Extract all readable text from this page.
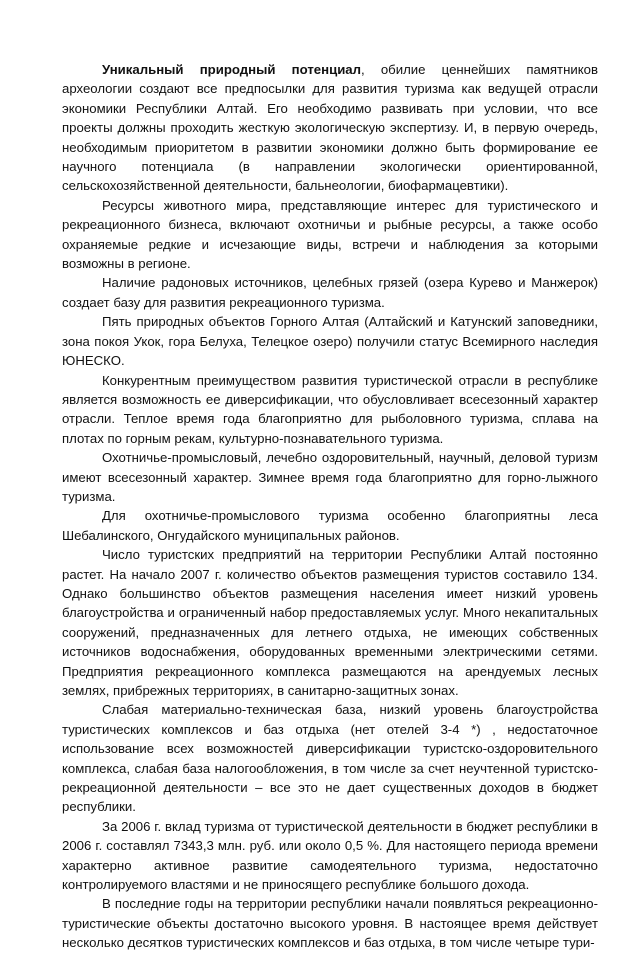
Уникальный природный потенциал, обилие ценнейших памятников археологии создают все предпосылки для развития туризма как ведущей отрасли экономики Республики Алтай. Его необходимо развивать при условии, что все проекты должны проходить жесткую экологическую экспертизу. И, в первую очередь, необходимым приоритетом в развитии экономики должно быть формирование ее научного потенциала (в направлении экологически ориентированной, сельскохозяйственной деятельности, бальнеологии, биофармацевтики).

Ресурсы животного мира, представляющие интерес для туристического и рекреационного бизнеса, включают охотничьи и рыбные ресурсы, а также особо охраняемые редкие и исчезающие виды, встречи и наблюдения за которыми возможны в регионе.

Наличие радоновых источников, целебных грязей (озера Курево и Манжерок) создает базу для развития рекреационного туризма.

Пять природных объектов Горного Алтая (Алтайский и Катунский заповедники, зона покоя Укок, гора Белуха, Телецкое озеро) получили статус Всемирного наследия ЮНЕСКО.

Конкурентным преимуществом развития туристической отрасли в республике является возможность ее диверсификации, что обусловливает всесезонный характер отрасли. Теплое время года благоприятно для рыболовного туризма, сплава на плотах по горным рекам, культурно-познавательного туризма.

Охотничье-промысловый, лечебно оздоровительный, научный, деловой туризм имеют всесезонный характер. Зимнее время года благоприятно для горно-лыжного туризма.

Для охотничье-промыслового туризма особенно благоприятны леса Шебалинского, Онгудайского муниципальных районов.

Число туристских предприятий на территории Республики Алтай постоянно растет. На начало 2007 г. количество объектов размещения туристов составило 134. Однако большинство объектов размещения населения имеет низкий уровень благоустройства и ограниченный набор предоставляемых услуг. Много некапитальных сооружений, предназначенных для летнего отдыха, не имеющих собственных источников водоснабжения, оборудованных временными электрическими сетями. Предприятия рекреационного комплекса размещаются на арендуемых лесных землях, прибрежных территориях, в санитарно-защитных зонах.

Слабая материально-техническая база, низкий уровень благоустройства туристических комплексов и баз отдыха (нет отелей 3-4 *) , недостаточное использование всех возможностей диверсификации туристско-оздоровительного комплекса, слабая база налогообложения, в том числе за счет неучтенной туристско-рекреационной деятельности – все это не дает существенных доходов в бюджет республики.

За 2006 г. вклад туризма от туристической деятельности в бюджет республики в 2006 г. составлял 7343,3 млн. руб. или около 0,5 %. Для настоящего периода времени характерно активное развитие самодеятельного туризма, недостаточно контролируемого властями и не приносящего республике большого дохода.

В последние годы на территории республики начали появляться рекреационно-туристические объекты достаточно высокого уровня. В настоящее время действует несколько десятков туристических комплексов и баз отдыха, в том числе четыре тури-
